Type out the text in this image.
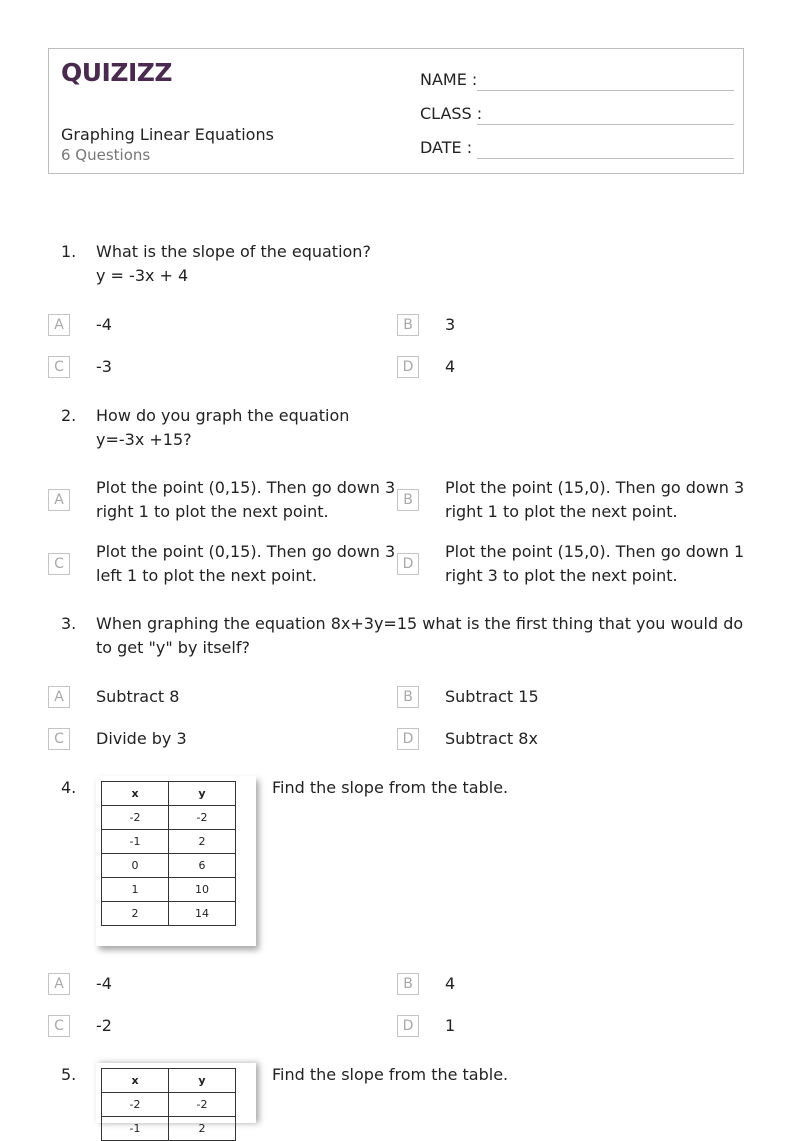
QUIZIZZ
Graphing Linear Equations
6 Questions
NAME :
CLASS :
DATE :
1. What is the slope of the equation?
y = -3x + 4
A	-4	B	3
C	-3	D	4
2. How do you graph the equation
y=-3x +15?
A
Plot the point (0,15). Then go down 3 right 1 to plot the next point.
B
Plot the point (15,0). Then go down 3 right 1 to plot the next point.
C
Plot the point (0,15). Then go down 3 left 1 to plot the next point.
D
Plot the point (15,0). Then go down 1 right 3 to plot the next point.
3. When graphing the equation 8x+3y=15 what is the first thing that you would do to get "y" by itself?
A	Subtract 8	B	Subtract 15
C	Divide by 3	D	Subtract 8x
4.	x	y
-2	-2
-1	2
0	6
1	10
2	14
Find the slope from the table.
A	-4	B	4
C	-2	D	1
5.	x	y
-2	-2
-1	2
Find the slope from the table.
